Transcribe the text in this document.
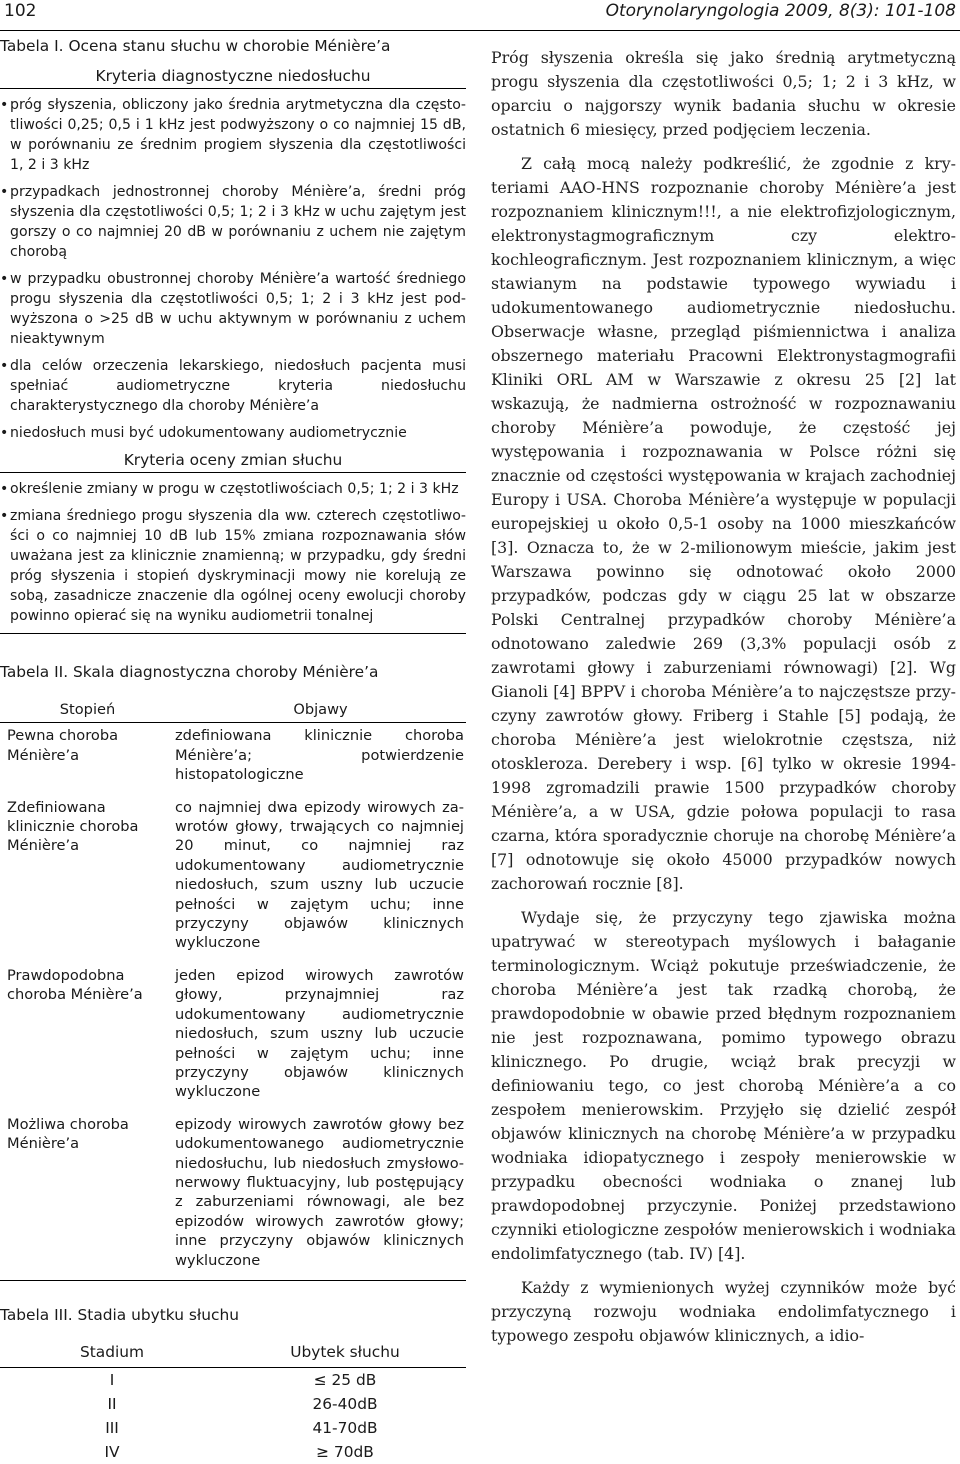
102	Otorynolaryngologia 2009, 8(3): 101-108

Tabela I. Ocena stanu słuchu w chorobie Ménière’a

Kryteria diagnostyczne niedosłuchu
• próg słyszenia, obliczony jako średnia arytmetyczna dla częstotliwości 0,25; 0,5 i 1 kHz jest podwyższony o co najmniej 15 dB, w porównaniu ze średnim progiem słyszenia dla częstotliwości 1, 2 i 3 kHz
• przypadkach jednostronnej choroby Ménière’a, średni próg słyszenia dla częstotliwości 0,5; 1; 2 i 3 kHz w uchu zajętym jest gorszy o co najmniej 20 dB w porównaniu z uchem nie zajętym chorobą
• w przypadku obustronnej choroby Ménière’a wartość średniego progu słyszenia dla częstotliwości 0,5; 1; 2 i 3 kHz jest podwyższona o >25 dB w uchu aktywnym w porównaniu z uchem nieaktywnym
• dla celów orzeczenia lekarskiego, niedosłuch pacjenta musi spełniać audiometryczne kryteria niedosłuchu charakterystycznego dla choroby Ménière’a
• niedosłuch musi być udokumentowany audiometrycznie
Kryteria oceny zmian słuchu
• określenie zmiany w progu w częstotliwościach 0,5; 1; 2 i 3 kHz
• zmiana średniego progu słyszenia dla ww. czterech częstotliwości o co najmniej 10 dB lub 15% zmiana rozpoznawania słów uważana jest za klinicznie znamienną; w przypadku, gdy średni próg słyszenia i stopień dyskryminacji mowy nie korelują ze sobą, zasadnicze znaczenie dla ogólnej oceny ewolucji choroby powinno opierać się na wyniku audiometrii tonalnej

Tabela II. Skala diagnostyczna choroby Ménière’a

Stopień	Objawy
Pewna choroba Ménière’a	zdefiniowana klinicznie choroba Ménière’a; potwierdzenie histopatologiczne
Zdefiniowana klinicznie choroba Ménière’a	co najmniej dwa epizody wirowych zawrotów głowy, trwających co najmniej 20 minut, co najmniej raz udokumentowany audiometrycznie niedosłuch, szum uszny lub uczucie pełności w zajętym uchu; inne przyczyny objawów klinicznych wykluczone
Prawdopodobna choroba Ménière’a	jeden epizod wirowych zawrotów głowy, przynajmniej raz udokumentowany audiometrycznie niedosłuch, szum uszny lub uczucie pełności w zajętym uchu; inne przyczyny objawów klinicznych wykluczone
Możliwa choroba Ménière’a	epizody wirowych zawrotów głowy bez udokumentowanego audiometrycznie niedosłuchu, lub niedosłuch zmysłowonerwowy fluktuacyjny, lub postępujący z zaburzeniami równowagi, ale bez epizodów wirowych zawrotów głowy; inne przyczyny objawów klinicznych wykluczone

Tabela III. Stadia ubytku słuchu

Stadium	Ubytek słuchu
I	≤ 25 dB
II	26-40dB
III	41-70dB
IV	≥ 70dB

Próg słyszenia określa się jako średnią arytmetyczną progu słyszenia dla częstotliwości 0,5; 1; 2 i 3 kHz, w oparciu o najgorszy wynik badania słuchu w okresie ostatnich 6 miesięcy, przed podjęciem leczenia.

Z całą mocą należy podkreślić, że zgodnie z kryteriami AAO-HNS rozpoznanie choroby Ménière’a jest rozpoznaniem klinicznym!!!, a nie elektrofizjologicznym, elektronystagmograficznym czy elektrokochleograficznym. Jest rozpoznaniem klinicznym, a więc stawianym na podstawie typowego wywiadu i udokumentowanego audiometrycznie niedosłuchu. Obserwacje własne, przegląd piśmiennictwa i analiza obszernego materiału Pracowni Elektronystagmografii Kliniki ORL AM w Warszawie z okresu 25 [2] lat wskazują, że nadmierna ostrożność w rozpoznawaniu choroby Ménière’a powoduje, że częstość jej występowania i rozpoznawania w Polsce różni się znacznie od częstości występowania w krajach zachodniej Europy i USA. Choroba Ménière’a występuje w populacji europejskiej u około 0,5-1 osoby na 1000 mieszkańców [3]. Oznacza to, że w 2-milionowym mieście, jakim jest Warszawa powinno się odnotować około 2000 przypadków, podczas gdy w ciągu 25 lat w obszarze Polski Centralnej przypadków choroby Ménière’a odnotowano zaledwie 269 (3,3% populacji osób z zawrotami głowy i zaburzeniami równowagi) [2]. Wg Gianoli [4] BPPV i choroba Ménière’a to najczęstsze przyczyny zawrotów głowy. Friberg i Stahle [5] podają, że choroba Ménière’a jest wielokrotnie częstsza, niż otoskleroza. Derebery i wsp. [6] tylko w okresie 1994-1998 zgromadzili prawie 1500 przypadków choroby Ménière’a, a w USA, gdzie połowa populacji to rasa czarna, która sporadycznie choruje na chorobę Ménière’a [7] odnotowuje się około 45000 przypadków nowych zachorowań rocznie [8].

Wydaje się, że przyczyny tego zjawiska można upatrywać w stereotypach myślowych i bałaganie terminologicznym. Wciąż pokutuje przeświadczenie, że choroba Ménière’a jest tak rzadką chorobą, że prawdopodobnie w obawie przed błędnym rozpoznaniem nie jest rozpoznawana, pomimo typowego obrazu klinicznego. Po drugie, wciąż brak precyzji w definiowaniu tego, co jest chorobą Ménière’a a co zespołem menierowskim. Przyjęło się dzielić zespół objawów klinicznych na chorobę Ménière’a w przypadku wodniaka idiopatycznego i zespoły menierowskie w przypadku obecności wodniaka o znanej lub prawdopodobnej przyczynie. Poniżej przedstawiono czynniki etiologiczne zespołów menierowskich i wodniaka endolimfatycznego (tab. IV) [4].

Każdy z wymienionych wyżej czynników może być przyczyną rozwoju wodniaka endolimfatycznego i typowego zespołu objawów klinicznych, a idio-
